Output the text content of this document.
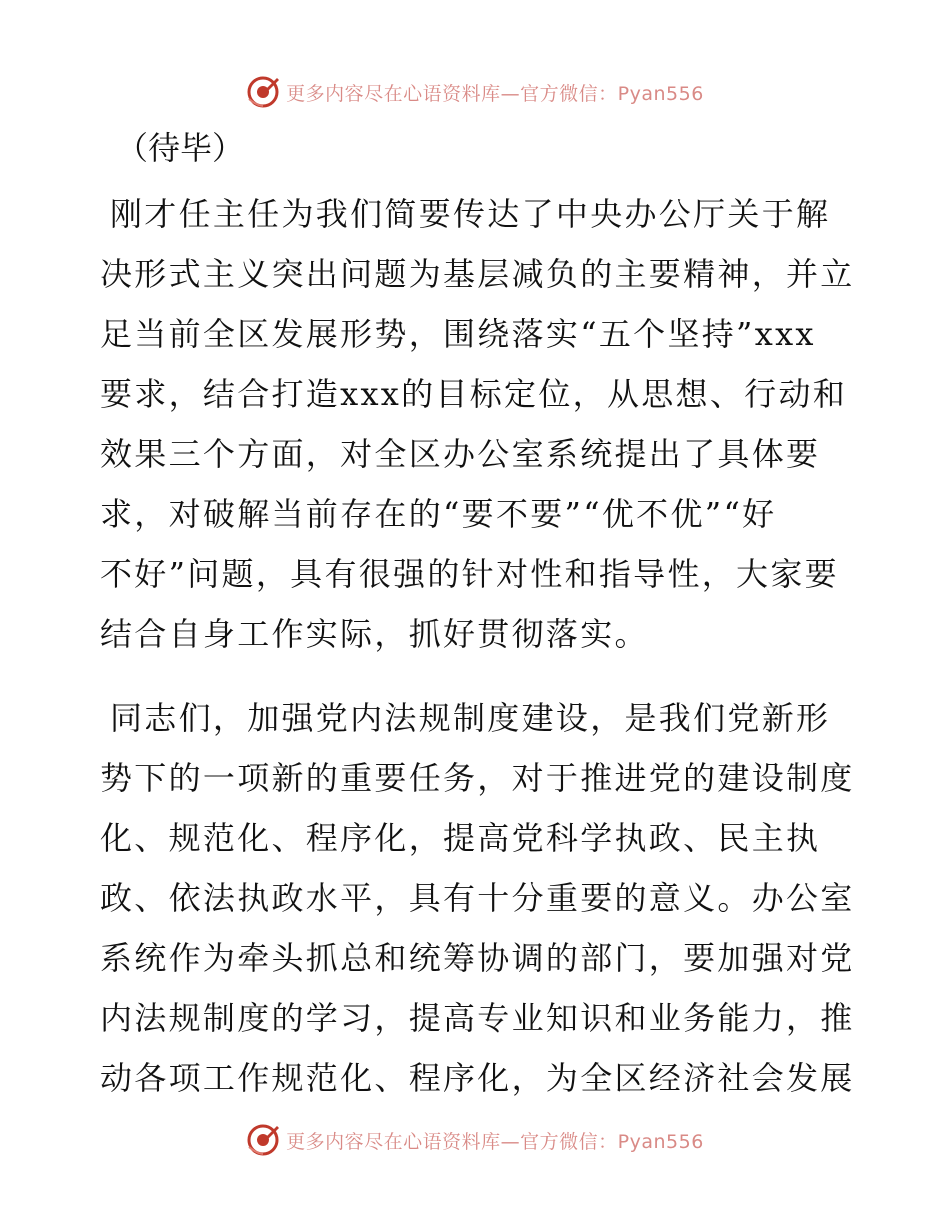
更多内容尽在心语资料库—官方微信：Pyan556
（待毕）
刚才任主任为我们简要传达了中央办公厅关于解
决形式主义突出问题为基层减负的主要精神，并立
足当前全区发展形势，围绕落实“五个坚持”xxx
要求，结合打造xxx的目标定位，从思想、行动和
效果三个方面，对全区办公室系统提出了具体要
求，对破解当前存在的“要不要”“优不优”“好
不好”问题，具有很强的针对性和指导性，大家要
结合自身工作实际，抓好贯彻落实。
同志们，加强党内法规制度建设，是我们党新形
势下的一项新的重要任务，对于推进党的建设制度
化、规范化、程序化，提高党科学执政、民主执
政、依法执政水平，具有十分重要的意义。办公室
系统作为牵头抓总和统筹协调的部门，要加强对党
内法规制度的学习，提高专业知识和业务能力，推
动各项工作规范化、程序化，为全区经济社会发展
更多内容尽在心语资料库—官方微信：Pyan556
